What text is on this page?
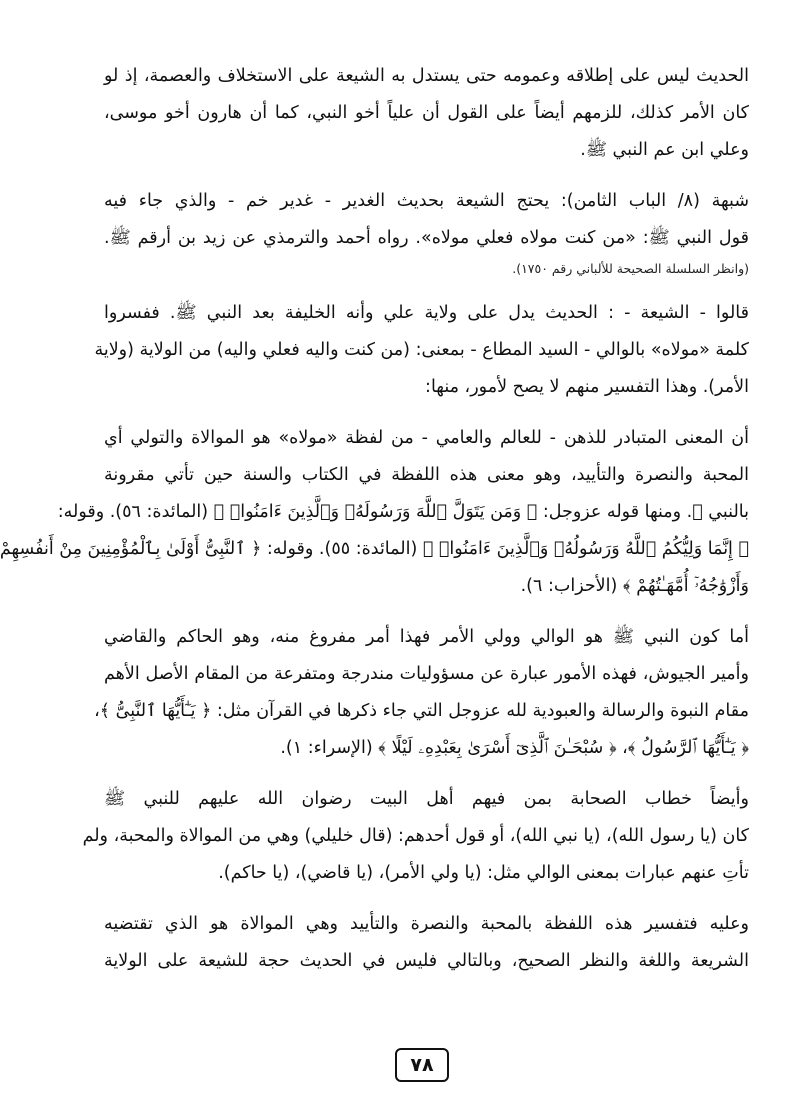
الحديث ليس على إطلاقه وعمومه حتى يستدل به الشيعة على الاستخلاف والعصمة، إذ لو
كان الأمر كذلك، للزمهم أيضاً على القول أن علياً أخو النبي، كما أن هارون أخو موسى،
وعلي ابن عم النبي ﷺ.
شبهة (٨/ الباب الثامن): يحتج الشيعة بحديث الغدير - غدير خم - والذي جاء فيه
قول النبي ﷺ: «من كنت مولاه فعلي مولاه». رواه أحمد والترمذي عن زيد بن أرقم ﷺ.
(وانظر السلسلة الصحيحة للألباني رقم ١٧٥٠).
قالوا - الشيعة - : الحديث يدل على ولاية علي وأنه الخليفة بعد النبي ﷺ. ففسروا
كلمة «مولاه» بالوالي - السيد المطاع - بمعنى: (من كنت واليه فعلي واليه) من الولاية (ولاية
الأمر). وهذا التفسير منهم لا يصح لأمور، منها:
أن المعنى المتبادر للذهن - للعالم والعامي - من لفظة «مولاه» هو الموالاة والتولي أي
المحبة والنصرة والتأييد، وهو معنى هذه اللفظة في الكتاب والسنة حين تأتي مقرونة
بالنبي ﷺ. ومنها قوله عزوجل: ﴿ وَمَن يَتَوَلَّ ٱللَّهَ وَرَسُولَهُۥ وَٱلَّذِينَ ءَامَنُوا۟ ﴾ (المائدة: ٥٦). وقوله:
﴿ إِنَّمَا وَلِيُّكُمُ ٱللَّهُ وَرَسُولُهُۥ وَٱلَّذِينَ ءَامَنُوا۟ ﴾ (المائدة: ٥٥). وقوله: ﴿ ٱلنَّبِىُّ أَوْلَىٰ بِٱلْمُؤْمِنِينَ مِنْ أَنفُسِهِمْ
وَأَزْوَٰجُهُۥٓ أُمَّهَـٰتُهُمْ ﴾ (الأحزاب: ٦).
أما كون النبي ﷺ هو الوالي وولي الأمر فهذا أمر مفروغ منه، وهو الحاكم والقاضي
وأمير الجيوش، فهذه الأمور عبارة عن مسؤوليات مندرجة ومتفرعة من المقام الأصل الأهم
مقام النبوة والرسالة والعبودية لله عزوجل التي جاء ذكرها في القرآن مثل: ﴿ يَـٰٓأَيُّهَا ٱلنَّبِىُّ ﴾،
﴿ يَـٰٓأَيُّهَا ٱلرَّسُولُ ﴾، ﴿ سُبْحَـٰنَ ٱلَّذِىٓ أَسْرَىٰ بِعَبْدِهِۦ لَيْلًا ﴾ (الإسراء: ١).
وأيضاً خطاب الصحابة بمن فيهم أهل البيت رضوان الله عليهم للنبي ﷺ
كان (يا رسول الله)، (يا نبي الله)، أو قول أحدهم: (قال خليلي) وهي من الموالاة والمحبة، ولم
تأتِ عنهم عبارات بمعنى الوالي مثل: (يا ولي الأمر)، (يا قاضي)، (يا حاكم).
وعليه فتفسير هذه اللفظة بالمحبة والنصرة والتأييد وهي الموالاة هو الذي تقتضيه
الشريعة واللغة والنظر الصحيح، وبالتالي فليس في الحديث حجة للشيعة على الولاية
٧٨
